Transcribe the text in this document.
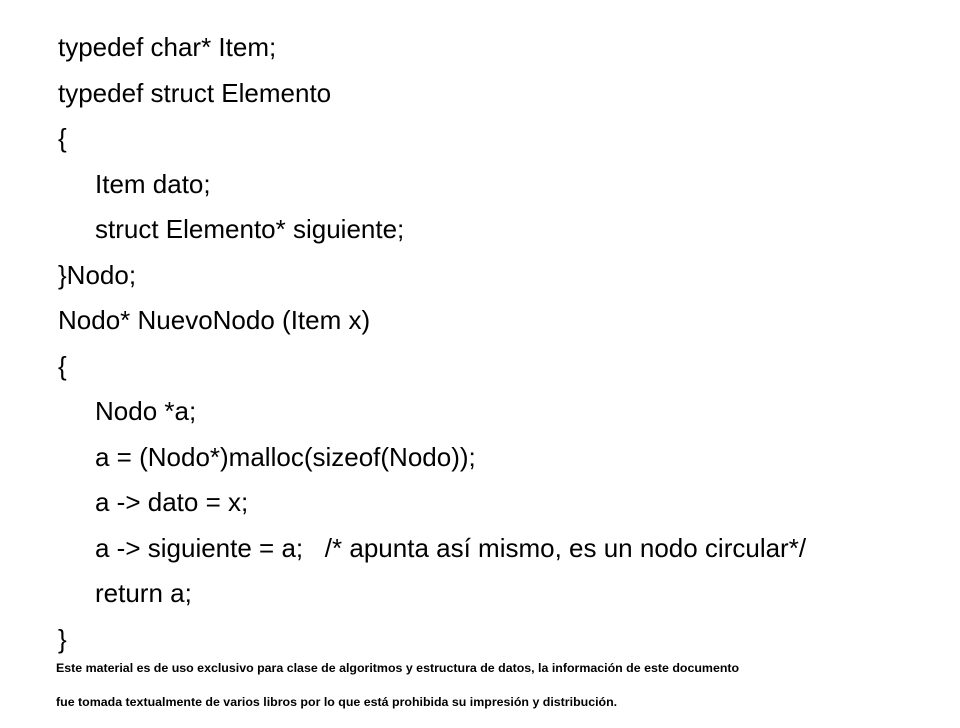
typedef char* Item;
typedef struct Elemento
{
Item dato;
struct Elemento* siguiente;
}Nodo;
Nodo* NuevoNodo (Item x)
{
Nodo *a;
a = (Nodo*)malloc(sizeof(Nodo));
a -> dato = x;
a -> siguiente = a;   /* apunta así mismo, es un nodo circular*/
return a;
}

Este material es de uso exclusivo para clase de algoritmos y estructura de datos, la información de este documento

fue tomada textualmente de varios libros por lo que está prohibida su impresión y distribución.
